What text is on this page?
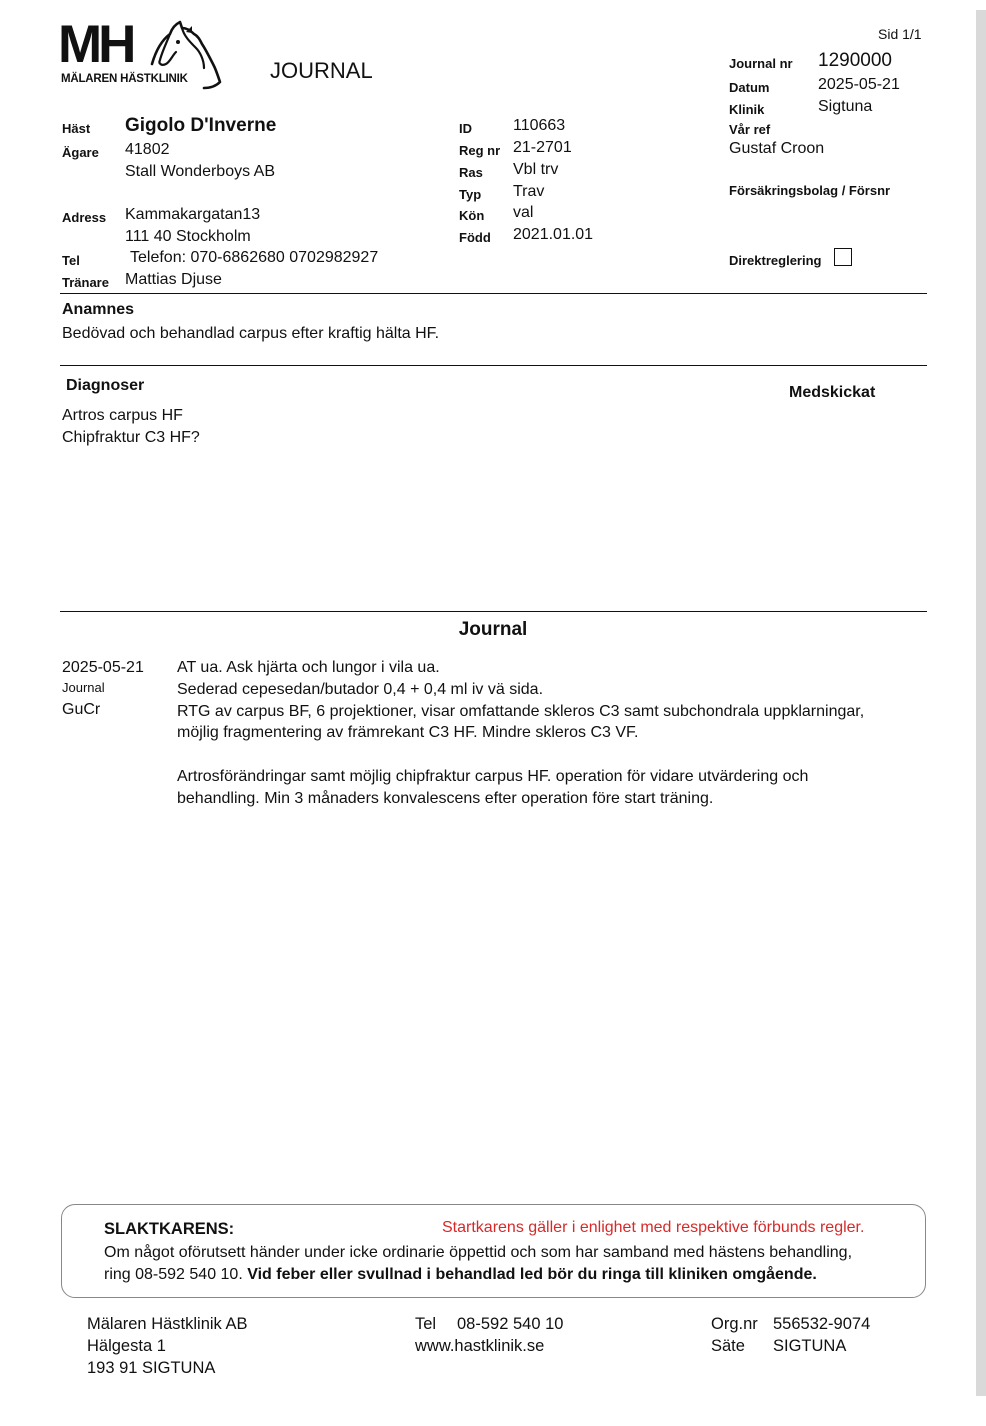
MH
MÄLAREN HÄSTKLINIK	JOURNAL
Sid 1/1
Journal nr 1290000
Datum	2025-05-21
Klinik	Sigtuna
Vår ref
Gustaf Croon
Försäkringsbolag / Försnr
Direktreglering
Häst Gigolo D'Inverne
Ägare 41802
Stall Wonderboys AB
Adress Kammakargatan13
111 40 Stockholm
Tel	Telefon: 070-6862680 0702982927
Tränare Mattias Djuse
ID	110663
Reg nr 21-2701
Ras Vbl trv
Typ Trav
Kön val
Född 2021.01.01
Anamnes
Bedövad och behandlad carpus efter kraftig hälta HF.
Diagnoser	Medskickat
Artros carpus HF
Chipfraktur C3 HF?
Journal
2025-05-21
Journal
GuCr
AT ua. Ask hjärta och lungor i vila ua.
Sederad cepesedan/butador 0,4 + 0,4 ml iv vä sida.
RTG av carpus BF, 6 projektioner, visar omfattande skleros C3 samt subchondrala uppklarningar,
möjlig fragmentering av främrekant C3 HF. Mindre skleros C3 VF.
Artrosförändringar samt möjlig chipfraktur carpus HF. operation för vidare utvärdering och
behandling. Min 3 månaders konvalescens efter operation före start träning.
SLAKTKARENS:	Startkarens gäller i enlighet med respektive förbunds regler.
Om något oförutsett händer under icke ordinarie öppettid och som har samband med hästens behandling,
ring 08-592 540 10. Vid feber eller svullnad i behandlad led bör du ringa till kliniken omgående.
Mälaren Hästklinik AB
Hälgesta 1
193 91 SIGTUNA
Tel 08-592 540 10
www.hastklinik.se
Org.nr 556532-9074
Säte SIGTUNA
